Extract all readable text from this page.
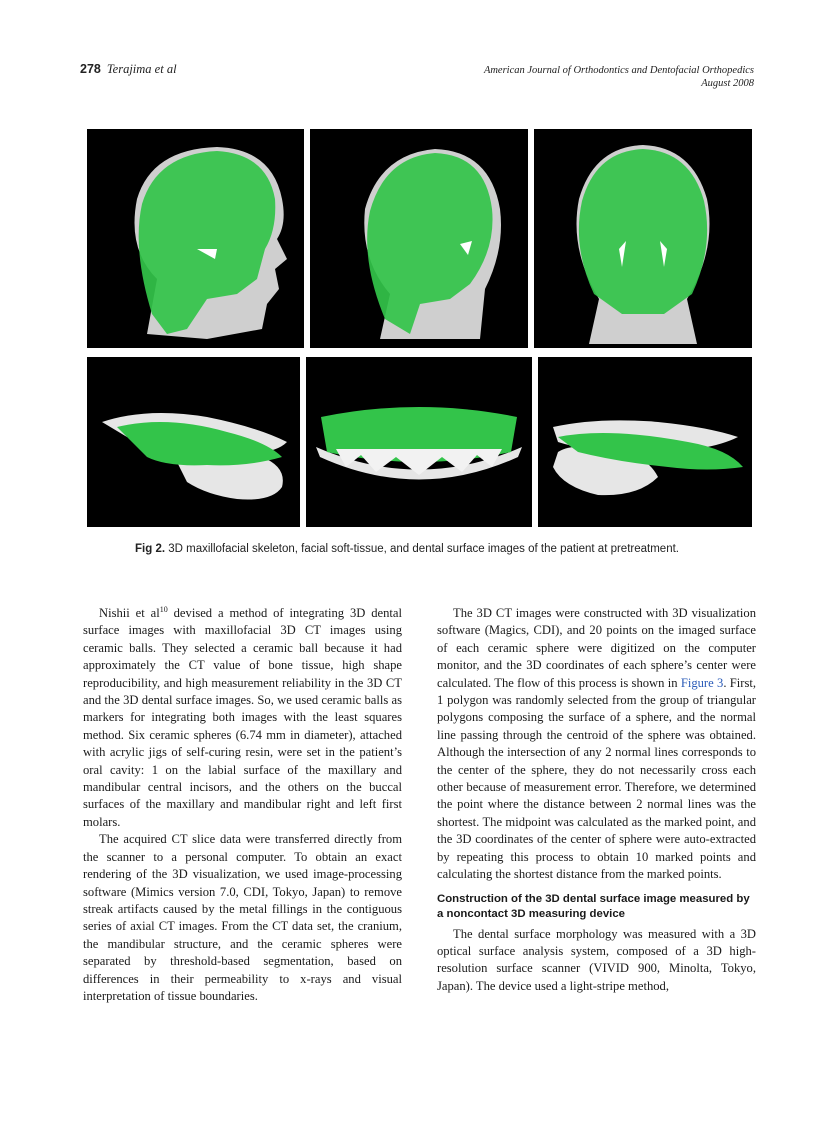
278 Terajima et al	American Journal of Orthodontics and Dentofacial Orthopedics
August 2008
Fig 2. 3D maxillofacial skeleton, facial soft-tissue, and dental surface images of the patient at pretreatment.

Nishii et $al^{10}$ devised a method of integrating 3D dental surface images with maxillofacial 3D CT images using ceramic balls. They selected a ceramic ball because it had approximately the CT value of bone tissue, high shape reproducibility, and high measurement reliability in the 3D CT and the 3D dental surface images. So, we used ceramic balls as markers for integrating both images with the least squares method. Six ceramic spheres (6.74 mm in diameter), attached with acrylic jigs of self-curing resin, were set in the patient’s oral cavity: 1 on the labial surface of the maxillary and mandibular central incisors, and the others on the buccal surfaces of the maxillary and mandibular right and left first molars.

The acquired CT slice data were transferred directly from the scanner to a personal computer. To obtain an exact rendering of the 3D visualization, we used image-processing software (Mimics version 7.0, CDI, Tokyo, Japan) to remove streak artifacts caused by the metal fillings in the contiguous series of axial CT images. From the CT data set, the cranium, the mandibular structure, and the ceramic spheres were separated by threshold-based segmentation, based on differences in their permeability to x-rays and visual interpretation of tissue boundaries.

The 3D CT images were constructed with 3D visualization software (Magics, CDI), and 20 points on the imaged surface of each ceramic sphere were digitized on the computer monitor, and the 3D coordinates of each sphere’s center were calculated. The flow of this process is shown in Figure 3. First, 1 polygon was randomly selected from the group of triangular polygons composing the surface of a sphere, and the normal line passing through the centroid of the sphere was obtained. Although the intersection of any 2 normal lines corresponds to the center of the sphere, they do not necessarily cross each other because of measurement error. Therefore, we determined the point where the distance between 2 normal lines was the shortest. The midpoint was calculated as the marked point, and the 3D coordinates of the center of sphere were auto-extracted by repeating this process to obtain 10 marked points and calculating the shortest distance from the marked points.

Construction of the 3D dental surface image measured by a noncontact 3D measuring device

The dental surface morphology was measured with a 3D optical surface analysis system, composed of a 3D high-resolution surface scanner (VIVID 900, Minolta, Tokyo, Japan). The device used a light-stripe method,
